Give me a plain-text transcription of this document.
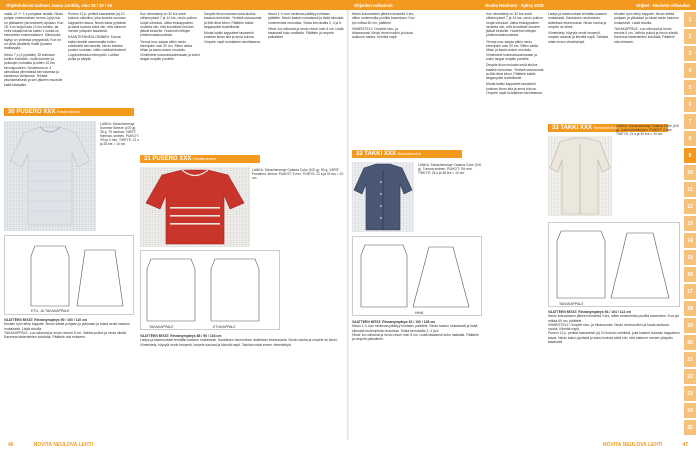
Ohjelehdessä Uutinen Jaana Junttila, sivu 20 / 10 / 16	Ohjeiden nollasivut	Novita Neulontu · Syksy 2016	Ohjeet · Neulotut villasukat
1
2
3
4
5
6
7
8
9
10
11
12
13
14
15
16
17
18
19
20
21
22
23
24
25

nasta 12 ++ 1 s pohjakse sisääk. Neulo pohjan ensimmäinen kerros Lyhyt tuk on yläkaaren (tarveaineet) ajotaan, Kun 18, Kun kulja tusta 12 krs kohtiin, tai enint lokaaleina tai kaikki 1 suolta on rakennettu ensimmäiseen. Silmukoita täytyy on yhdessä ympyrässä. Kun ne on vielä (sisäiset) mallit (kuvattu mallisarjat).

Neulo 7 p (4 pylvään) 18 kulmaan kohtiin enintään. Lisää kulmien ja joukkojen kohdalla ja sitten 10 krs kerrospuuteen. Neuleessa on 4 silmukkaa ylimmässä kerroksessa ja kahdessa väriisessä. Tehkää yksinkertaisesti ja sen jälkeen muotoile kaikki alaspäin.

30 PUSERO XXX Kesänneulos

Pusero 12 p. pelkkä haaranristi (a) 10 kokoon valmiiksi, joka koskee suoraan kappaleen tasoa. Neulo kaksi pylvästä ja kaksi kuviota sekä niin, että rakenne menee ylöspäin tasaisesti.

KÄÄNTEENNEULOMINEN: Kanna kaikki akselit vasemmalta kuten edellisellä kerroksella. Neulo kahden puolen suoraan, sitten vaihtoehtoisesti. Loppusilmukka eteenpäin. Lukitse pohja ja säilytä.

LANKA: Schachenmayr Summer Breeze (100 g); 35 g. 75 nauhaa. VÄRIT: Harmaa, sininen. PUIKOT: 3½ ja 4 mm. TIHEYS: 21 s ja 28 krs = 10 cm.
ETU- JA TAKAKAPPALE

VAATTEEN MITAT: Rinnanympärys 90 / 100 / 110 cm

Muuten työn tehty kappale. Neulo sileää pohjaan ja yläosaan ja toista neule kaavion mukaisesti. Lisää sivuilla.

TAKAKAPPALE: Luo silmukat ja neulo resoria 5 cm. Vaihda puikot ja neulo sileää. Kavenna kädenteiden kohdalla. Päättele olat erikseen.

Kun viimeistely on 32 krs sekä vähennykset 7 ja 14 krs, neulo puikon nurjat silmukat. Jatka etukappaleen neuletta niin, että kuviolliset neuleet jäävät keskelle. Huolehdi mittojen yhdenmukaisuudesta.

Ylempi osa: sarjaa pitkin neulo eteenpäin noin 20 cm. Sitten aloita hihan ja kaula-aukon muotoilu. Viimeistele kokonaisuudessaan ja solmi langat nurjalle puolelle.

Despite tikun mukaan sekä aloitus tasaisin kerroksin. Yhdistä sivusaumat ja liitä hihat kiinni. Päättele kaikki langanpäät huolellisesti.

Muuta kaikki kappaleet tasaisesti kostean liinan alla ja anna kuivua. Ompele napit kohdalleen tarvittaessa.

Neulo 1 h: kun neuleosa päättyy kohtaan, päättele. Neulo kaavio mukaisesti ja lisää silmukat molemmista reunoista. Toista kerroksilla 2, 4 ja 6.

Hihat: luo silmukat ja neulo resori noin 6 cm. Lisää tasaisesti koko matkalla. Päättele ja ompele paikalleen.

31 PUSERO XXX Kesänneulos
LANKA: Schachenmayr Catania Color (100 g); 50 g. VÄRIT: Punainen, kerma. PUIKOT: 3 mm. TIHEYS: 21 s ja 32 krs = 10 cm.
TAKAKAPPALE	ETUKAPPALE

VAATTEEN MITAT: Rinnanympärys 88 / 96 / 104 cm

Lisäys ja kavennukset tehdään kaavion mukaisesti. Kauluksen neulominen aloitetaan etureunasta. Neulo nauha ja ompele se kiinni.

Viimeistely: höyrytä neule kevyesti, ompele saumat ja kiinnitä napit. Tarkista mitat ennen viimeistelyä.

Neulo kokoamisen jälkeen keskeltä 4 krs, sitten molemmilta puolilta kaventaen. Kun työ mittaa 60 cm, päättele.

VIIMEISTELY: Ompele sivu- ja hihasaumat. Neulo etureunoihin ja kaula-aukkoon nauha. Kiinnitä napit.

32 TAKKI XXX Kesänneulos
LANKA: Schachenmayr Catania Color (100 g). Tumma sininen. PUIKOT: 3½ mm. TIHEYS: 26 s ja 36 krs = 10 cm.
HIHA

VAATTEEN MITAT: Rinnanympärys 92 / 100 / 108 cm

Neulo 1 h: kun neuleosa päättyy kohtaan, päättele. Neulo kaavio mukaisesti ja lisää silmukat molemmista reunoista. Toista kerroksilla 2, 4 ja 6.

Hihat: luo silmukat ja neulo resori noin 6 cm. Lisää tasaisesti koko matkalla. Päättele ja ompele paikalleen.

Kun viimeistely on 32 krs sekä vähennykset 7 ja 14 krs, neulo puikon nurjat silmukat. Jatka etukappaleen neuletta niin, että kuviolliset neuleet jäävät keskelle. Huolehdi mittojen yhdenmukaisuudesta.

Ylempi osa: sarjaa pitkin neulo eteenpäin noin 20 cm. Sitten aloita hihan ja kaula-aukon muotoilu. Viimeistele kokonaisuudessaan ja solmi langat nurjalle puolelle.

Despite tikun mukaan sekä aloitus tasaisin kerroksin. Yhdistä sivusaumat ja liitä hihat kiinni. Päättele kaikki langanpäät huolellisesti.

Muuta kaikki kappaleet tasaisesti kostean liinan alla ja anna kuivua. Ompele napit kohdalleen tarvittaessa.

Lisäys ja kavennukset tehdään kaavion mukaisesti. Kauluksen neulominen aloitetaan etureunasta. Neulo nauha ja ompele se kiinni.

Viimeistely: höyrytä neule kevyesti, ompele saumat ja kiinnitä napit. Tarkista mitat ennen viimeistelyä.

Muuten työn tehty kappale. Neulo sileää pohjaan ja yläosaan ja toista neule kaavion mukaisesti. Lisää sivuilla.

TAKAKAPPALE: Luo silmukat ja neulo resoria 5 cm. Vaihda puikot ja neulo sileää. Kavenna kädenteiden kohdalla. Päättele olat erikseen.

33 TAKKI XXX Kesänneulos LANKA: Schachenmayr Catania Color (100 g). Luonnonvalkoinen. PUIKOT: 3 mm. TIHEYS: 21 s ja 30 krs = 10 cm.
TAKAKAPPALE

VAATTEEN MITAT: Rinnanympärys 94 / 104 / 114 cm

Neulo kokoamisen jälkeen keskeltä 4 krs, sitten molemmilta puolilta kaventaen. Kun työ mittaa 60 cm, päättele.

VIIMEISTELY: Ompele sivu- ja hihasaumat. Neulo etureunoihin ja kaula-aukkoon nauha. Kiinnitä napit.

Pusero 12 p. pelkkä haaranristi (a) 10 kokoon valmiiksi, joka koskee suoraan kappaleen tasoa. Neulo kaksi pylvästä ja kaksi kuviota sekä niin, että rakenne menee ylöspäin tasaisesti.

46	NOVITA NEULOVA LEHTI	NOVITA NEULOVA LEHTI	47
